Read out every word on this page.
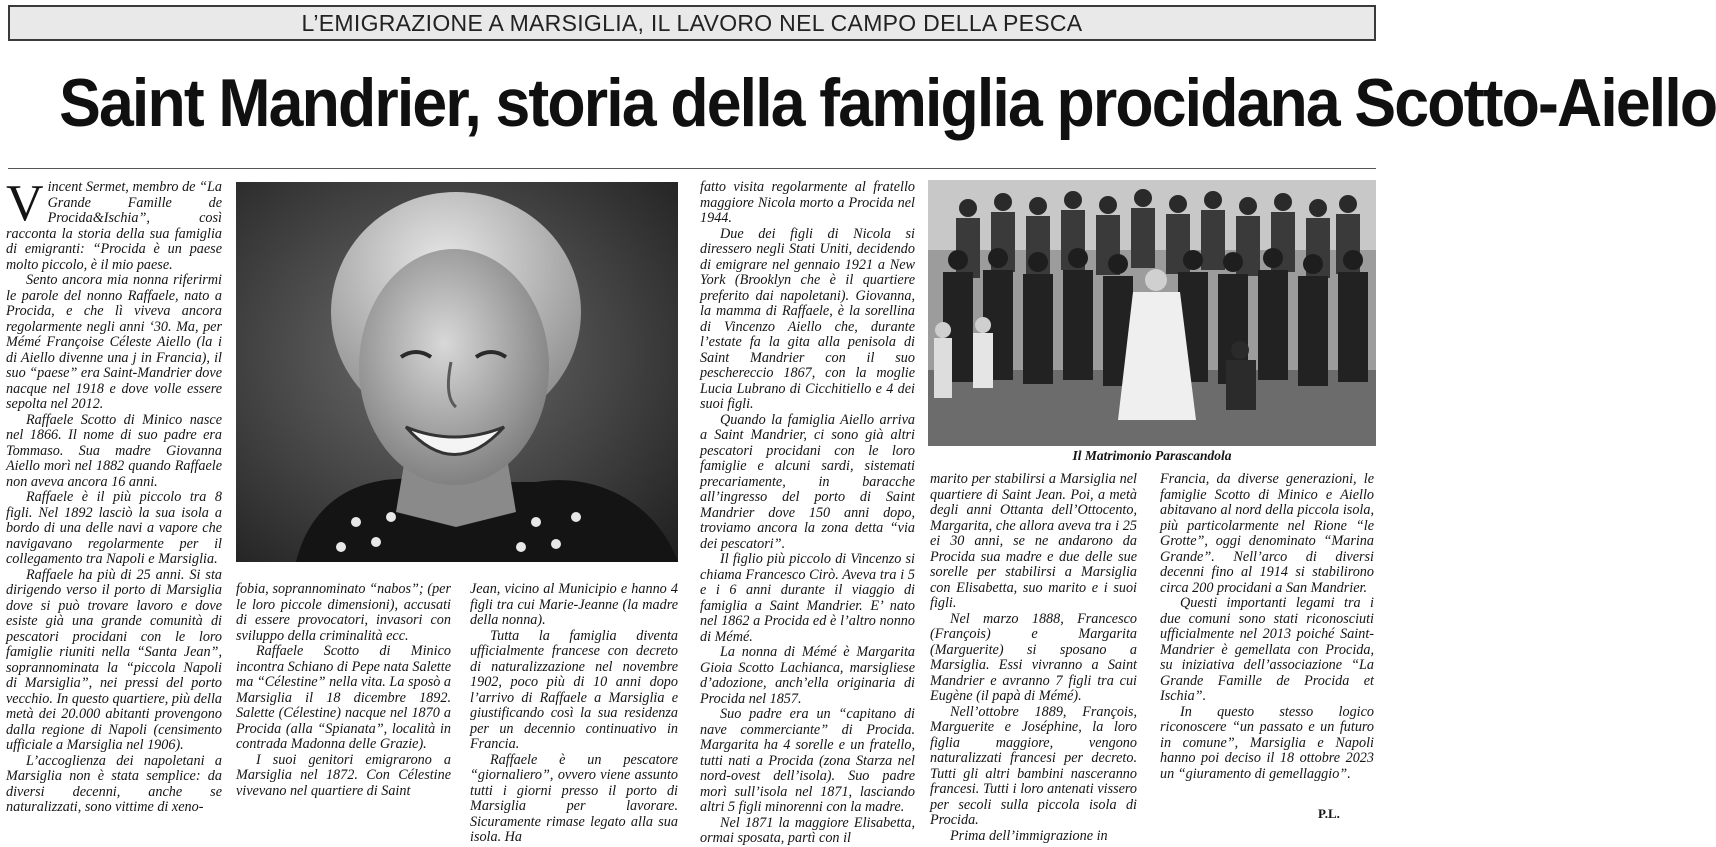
L’EMIGRAZIONE A MARSIGLIA, IL LAVORO NEL CAMPO DELLA PESCA
Saint Mandrier, storia della famiglia procidana Scotto-Aiello

Vincent Sermet, membro de “La Grande Famille de Procida&Ischia”, così racconta la storia della sua famiglia di emigranti: “Procida è un paese molto piccolo, è il mio paese.

Sento ancora mia nonna riferirmi le parole del nonno Raffaele, nato a Procida, e che lì viveva ancora regolarmente negli anni ‘30. Ma, per Mémé Françoise Céleste Aiello (la i di Aiello divenne una j in Francia), il suo “paese” era Saint-Mandrier dove nacque nel 1918 e dove volle essere sepolta nel 2012.

Raffaele Scotto di Minico nasce nel 1866. Il nome di suo padre era Tommaso. Sua madre Giovanna Aiello morì nel 1882 quando Raffaele non aveva ancora 16 anni.

Raffaele è il più piccolo tra 8 figli. Nel 1892 lasciò la sua isola a bordo di una delle navi a vapore che navigavano regolarmente per il collegamento tra Napoli e Marsiglia.

Raffaele ha più di 25 anni. Si sta dirigendo verso il porto di Marsiglia dove si può trovare lavoro e dove esiste già una grande comunità di pescatori procidani con le loro famiglie riuniti nella “Santa Jean”, soprannominata la “piccola Napoli di Marsiglia”, nei pressi del porto vecchio. In questo quartiere, più della metà dei 20.000 abitanti provengono dalla regione di Napoli (censimento ufficiale a Marsiglia nel 1906).

L’accoglienza dei napoletani a Marsiglia non è stata semplice: da diversi decenni, anche se naturalizzati, sono vittime di xeno-

fobia, soprannominato “nabos”; (per le loro piccole dimensioni), accusati di essere provocatori, invasori con sviluppo della criminalità ecc.

Raffaele Scotto di Minico incontra Schiano di Pepe nata Salette ma “Célestine” nella vita. La sposò a Marsiglia il 18 dicembre 1892. Salette (Célestine) nacque nel 1870 a Procida (alla “Spianata”, località in contrada Madonna delle Grazie).

I suoi genitori emigrarono a Marsiglia nel 1872. Con Célestine vivevano nel quartiere di Saint

Jean, vicino al Municipio e hanno 4 figli tra cui Marie-Jeanne (la madre della nonna).

Tutta la famiglia diventa ufficialmente francese con decreto di naturalizzazione nel novembre 1902, poco più di 10 anni dopo l’arrivo di Raffaele a Marsiglia e giustificando così la sua residenza per un decennio continuativo in Francia.

Raffaele è un pescatore “giornaliero”, ovvero viene assunto tutti i giorni presso il porto di Marsiglia per lavorare. Sicuramente rimase legato alla sua isola. Ha

fatto visita regolarmente al fratello maggiore Nicola morto a Procida nel 1944.

Due dei figli di Nicola si diressero negli Stati Uniti, decidendo di emigrare nel gennaio 1921 a New York (Brooklyn che è il quartiere preferito dai napoletani). Giovanna, la mamma di Raffaele, è la sorellina di Vincenzo Aiello che, durante l’estate fa la gita alla penisola di Saint Mandrier con il suo peschereccio 1867, con la moglie Lucia Lubrano di Cicchitiello e 4 dei suoi figli.

Quando la famiglia Aiello arriva a Saint Mandrier, ci sono già altri pescatori procidani con le loro famiglie e alcuni sardi, sistemati precariamente, in baracche all’ingresso del porto di Saint Mandrier dove 150 anni dopo, troviamo ancora la zona detta “via dei pescatori”.

Il figlio più piccolo di Vincenzo si chiama Francesco Cirò. Aveva tra i 5 e i 6 anni durante il viaggio di famiglia a Saint Mandrier. E’ nato nel 1862 a Procida ed è l’altro nonno di Mémé.

La nonna di Mémé è Margarita Gioia Scotto Lachianca, marsigliese d’adozione, anch’ella originaria di Procida nel 1857.

Suo padre era un “capitano di nave commerciante” di Procida. Margarita ha 4 sorelle e un fratello, tutti nati a Procida (zona Starza nel nord-ovest dell’isola). Suo padre morì sull’isola nel 1871, lasciando altri 5 figli minorenni con la madre.

Nel 1871 la maggiore Elisabetta, ormai sposata, partì con il

Il Matrimonio Parascandola

marito per stabilirsi a Marsiglia nel quartiere di Saint Jean. Poi, a metà degli anni Ottanta dell’Ottocento, Margarita, che allora aveva tra i 25 ei 30 anni, se ne andarono da Procida sua madre e due delle sue sorelle per stabilirsi a Marsiglia con Elisabetta, suo marito e i suoi figli.

Nel marzo 1888, Francesco (François) e Margarita (Marguerite) si sposano a Marsiglia. Essi vivranno a Saint Mandrier e avranno 7 figli tra cui Eugène (il papà di Mémé).

Nell’ottobre 1889, François, Marguerite e Joséphine, la loro figlia maggiore, vengono naturalizzati francesi per decreto. Tutti gli altri bambini nasceranno francesi. Tutti i loro antenati vissero per secoli sulla piccola isola di Procida.

Prima dell’immigrazione in

Francia, da diverse generazioni, le famiglie Scotto di Minico e Aiello abitavano al nord della piccola isola, più particolarmente nel Rione “le Grotte”, oggi denominato “Marina Grande”. Nell’arco di diversi decenni fino al 1914 si stabilirono circa 200 procidani a San Mandrier.

Questi importanti legami tra i due comuni sono stati riconosciuti ufficialmente nel 2013 poiché Saint-Mandrier è gemellata con Procida, su iniziativa dell’associazione “La Grande Famille de Procida et Ischia”.

In questo stesso logico riconoscere “un passato e un futuro in comune”, Marsiglia e Napoli hanno poi deciso il 18 ottobre 2023 un “giuramento di gemellaggio”.

P.L.
